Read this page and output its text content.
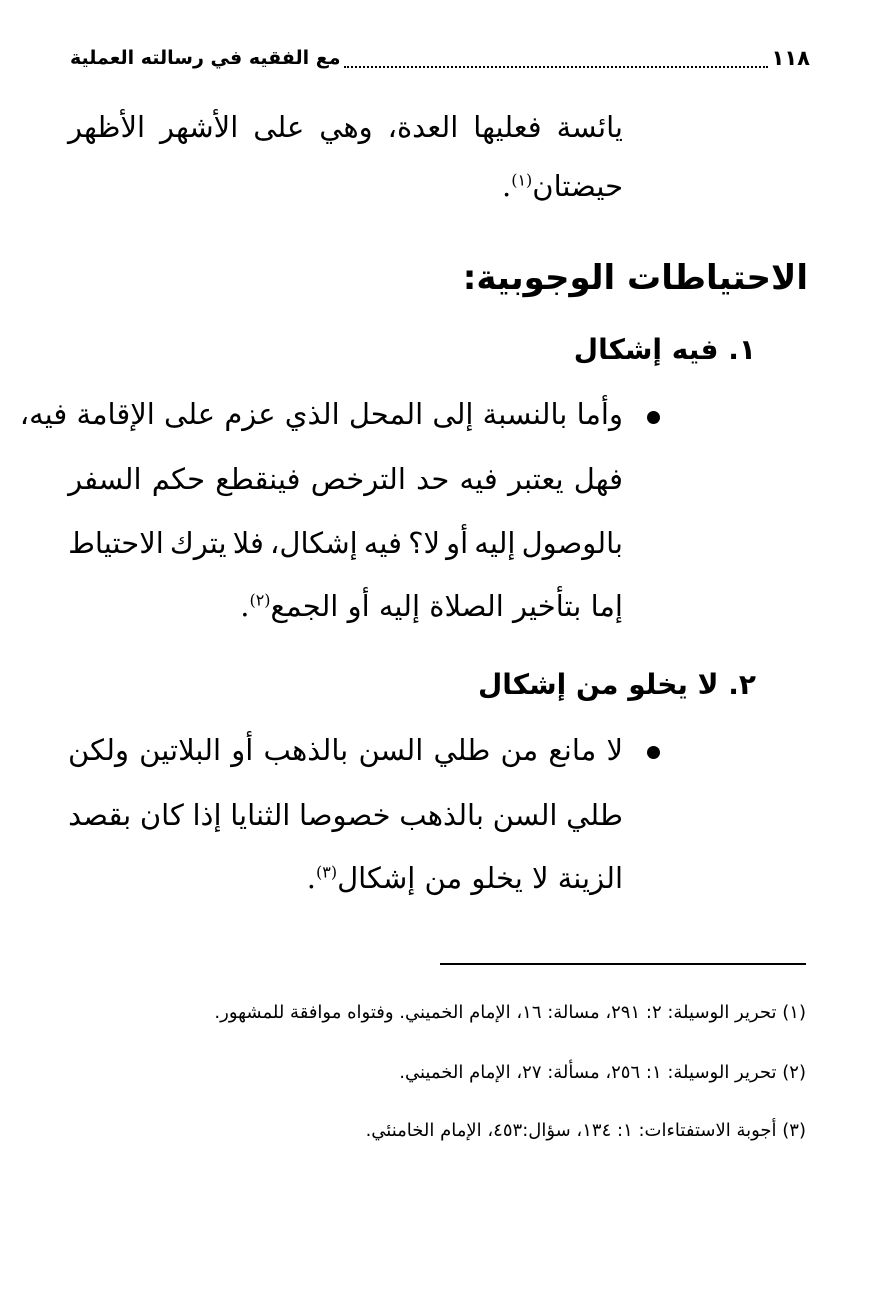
١١٨
مع الفقيه في رسالته العملية
يائسة
فعليها
العدة،
وهي
على
الأشهر
الأظهر
حيضتان$^{(١)}$.
الاحتياطات الوجوبية:
١. فيه إشكال
وأما بالنسبة إلى المحل الذي عزم على الإقامة فيه،
فهل
يعتبر
فيه
حد
الترخص
فينقطع
حكم
السفر
بالوصول
إليه
أو
لا؟
فيه
إشكال،
فلا
يترك
الاحتياط
إما بتأخير الصلاة إليه أو الجمع$^{(٢)}$.
٢. لا يخلو من إشكال
لا
مانع
من
طلي
السن
بالذهب
أو
البلاتين
ولكن
طلي
السن
بالذهب
خصوصا
الثنايا
إذا
كان
بقصد
الزينة لا يخلو من إشكال$^{(٣)}$.
(١) تحرير الوسيلة: ٢: ٢٩١، مسالة: ١٦، الإمام الخميني. وفتواه موافقة للمشهور.
(٢) تحرير الوسيلة: ١: ٢٥٦، مسألة: ٢٧، الإمام الخميني.
(٣) أجوبة الاستفتاءات: ١: ١٣٤، سؤال:٤٥٣، الإمام الخامنئي.
